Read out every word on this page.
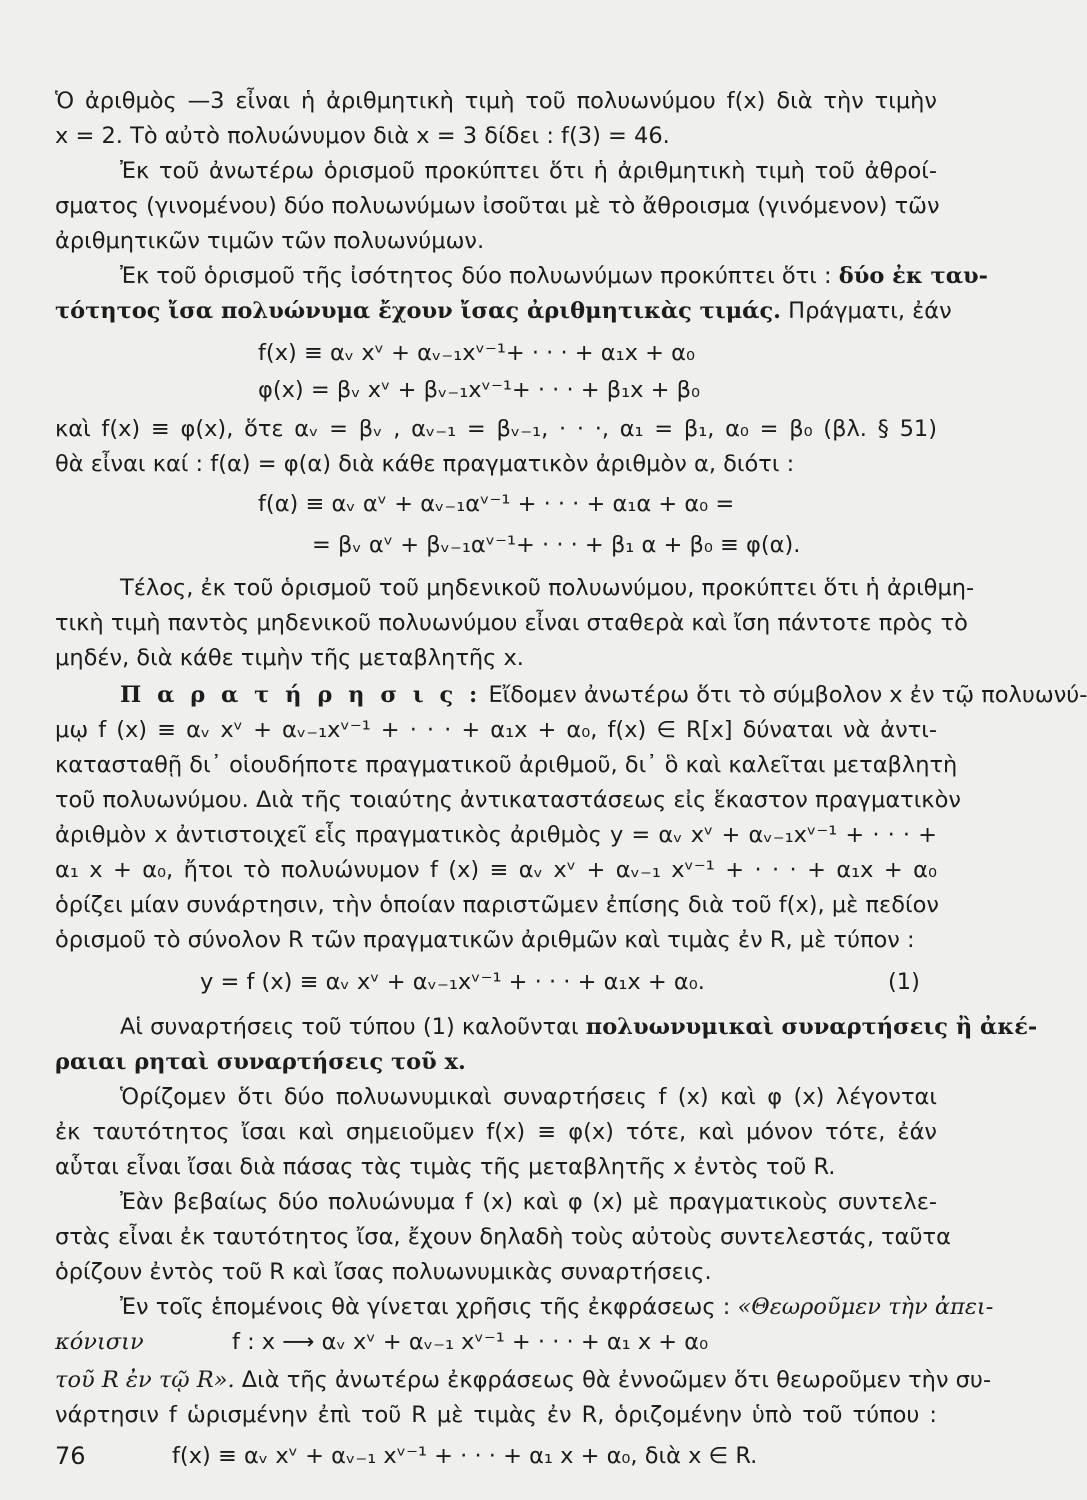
Ὁ ἀριθμὸς —3 εἶναι ἡ ἀριθμητικὴ τιμὴ τοῦ πολυωνύμου f(x) διὰ τὴν τιμὴν
x = 2. Τὸ αὐτὸ πολυώνυμον διὰ x = 3 δίδει : f(3) = 46.
Ἐκ τοῦ ἀνωτέρω ὁρισμοῦ προκύπτει ὅτι ἡ ἀριθμητικὴ τιμὴ τοῦ ἀθροί-
σματος (γινομένου) δύο πολυωνύμων ἰσοῦται μὲ τὸ ἄθροισμα (γινόμενον) τῶν
ἀριθμητικῶν τιμῶν τῶν πολυωνύμων.
Ἐκ τοῦ ὁρισμοῦ τῆς ἰσότητος δύο πολυωνύμων προκύπτει ὅτι : δύο ἐκ ταυ-
τότητος ἴσα πολυώνυμα ἔχουν ἴσας ἀριθμητικὰς τιμάς. Πράγματι, ἐάν
f(x) ≡ αᵥ xᵛ + αᵥ₋₁xᵛ⁻¹+ · · · + α₁x + α₀
φ(x) = βᵥ xᵛ + βᵥ₋₁xᵛ⁻¹+ · · · + β₁x + β₀
καὶ f(x) ≡ φ(x), ὅτε αᵥ = βᵥ , αᵥ₋₁ = βᵥ₋₁, · · ·, α₁ = β₁, α₀ = β₀ (βλ. § 51)
θὰ εἶναι καί : f(α) = φ(α) διὰ κάθε πραγματικὸν ἀριθμὸν α, διότι :
f(α) ≡ αᵥ αᵛ + αᵥ₋₁αᵛ⁻¹ + · · · + α₁α + α₀ =
= βᵥ αᵛ + βᵥ₋₁αᵛ⁻¹+ · · · + β₁ α + β₀ ≡ φ(α).
Τέλος, ἐκ τοῦ ὁρισμοῦ τοῦ μηδενικοῦ πολυωνύμου, προκύπτει ὅτι ἡ ἀριθμη-
τικὴ τιμὴ παντὸς μηδενικοῦ πολυωνύμου εἶναι σταθερὰ καὶ ἴση πάντοτε πρὸς τὸ
μηδέν, διὰ κάθε τιμὴν τῆς μεταβλητῆς x.
Π α ρ α τ ή ρ η σ ι ς : Εἴδομεν ἀνωτέρω ὅτι τὸ σύμβολον x ἐν τῷ πολυωνύ-
μῳ f (x) ≡ αᵥ xᵛ + αᵥ₋₁xᵛ⁻¹ + · · · + α₁x + α₀, f(x) ∈ R[x] δύναται νὰ ἀντι-
κατασταθῇ δι᾽ οἱουδήποτε πραγματικοῦ ἀριθμοῦ, δι᾽ ὃ καὶ καλεῖται μεταβλητὴ
τοῦ πολυωνύμου. Διὰ τῆς τοιαύτης ἀντικαταστάσεως εἰς ἕκαστον πραγματικὸν
ἀριθμὸν x ἀντιστοιχεῖ εἷς πραγματικὸς ἀριθμὸς y = αᵥ xᵛ + αᵥ₋₁xᵛ⁻¹ + · · · +
α₁ x + α₀, ἤτοι τὸ πολυώνυμον f (x) ≡ αᵥ xᵛ + αᵥ₋₁ xᵛ⁻¹ + · · · + α₁x + α₀
ὁρίζει μίαν συνάρτησιν, τὴν ὁποίαν παριστῶμεν ἐπίσης διὰ τοῦ f(x), μὲ πεδίον
ὁρισμοῦ τὸ σύνολον R τῶν πραγματικῶν ἀριθμῶν καὶ τιμὰς ἐν R, μὲ τύπον :
y = f (x) ≡ αᵥ xᵛ + αᵥ₋₁xᵛ⁻¹ + · · · + α₁x + α₀.	(1)
Αἱ συναρτήσεις τοῦ τύπου (1) καλοῦνται πολυωνυμικαὶ συναρτήσεις ἢ ἀκέ-
ραιαι ρηταὶ συναρτήσεις τοῦ x.
Ὁρίζομεν ὅτι δύο πολυωνυμικαὶ συναρτήσεις f (x) καὶ φ (x) λέγονται
ἐκ ταυτότητος ἴσαι καὶ σημειοῦμεν f(x) ≡ φ(x) τότε, καὶ μόνον τότε, ἐάν
αὗται εἶναι ἴσαι διὰ πάσας τὰς τιμὰς τῆς μεταβλητῆς x ἐντὸς τοῦ R.
Ἐὰν βεβαίως δύο πολυώνυμα f (x) καὶ φ (x) μὲ πραγματικοὺς συντελε-
στὰς εἶναι ἐκ ταυτότητος ἴσα, ἔχουν δηλαδὴ τοὺς αὐτοὺς συντελεστάς, ταῦτα
ὁρίζουν ἐντὸς τοῦ R καὶ ἴσας πολυωνυμικὰς συναρτήσεις.
Ἐν τοῖς ἑπομένοις θὰ γίνεται χρῆσις τῆς ἐκφράσεως : «Θεωροῦμεν τὴν ἀπει-
κόνισιν	f : x ⟶ αᵥ xᵛ + αᵥ₋₁ xᵛ⁻¹ + · · · + α₁ x + α₀
τοῦ R ἐν τῷ R». Διὰ τῆς ἀνωτέρω ἐκφράσεως θὰ ἐννοῶμεν ὅτι θεωροῦμεν τὴν συ-
νάρτησιν f ὡρισμένην ἐπὶ τοῦ R μὲ τιμὰς ἐν R, ὁριζομένην ὑπὸ τοῦ τύπου :
f(x) ≡ αᵥ xᵛ + αᵥ₋₁ xᵛ⁻¹ + · · · + α₁ x + α₀, διὰ x ∈ R.
76
